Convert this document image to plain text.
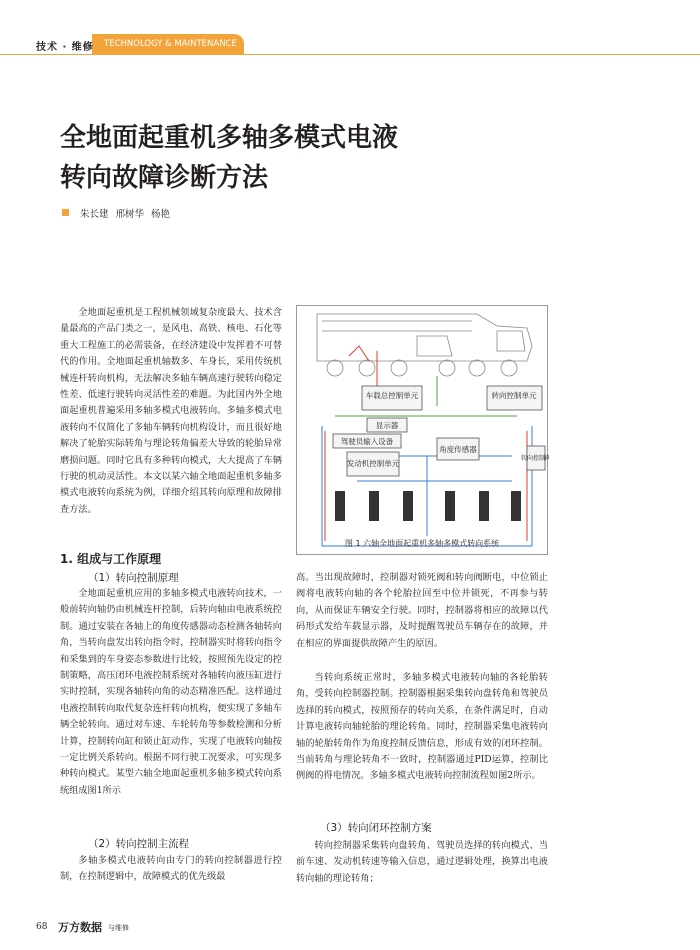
技术 · 维修 TECHNOLOGY & MAINTENANCE
全地面起重机多轴多模式电液
转向故障诊断方法
朱长建 邢树华 杨艳
全地面起重机是工程机械领域复杂度最大、技术含量最高的产品门类之一，是风电、高铁、核电、石化等重大工程施工的必需装备，在经济建设中发挥着不可替代的作用。全地面起重机轴数多、车身长，采用传统机械连杆转向机构，无法解决多轴车辆高速行驶转向稳定性差、低速行驶转向灵活性差的难题。为此国内外全地面起重机普遍采用多轴多模式电液转向。多轴多模式电液转向不仅简化了多轴车辆转向机构设计，而且很好地解决了轮胎实际转角与理论转角偏差大导致的轮胎异常磨损问题。同时它具有多种转向模式，大大提高了车辆行驶的机动灵活性。本文以某六轴全地面起重机多轴多模式电液转向系统为例，详细介绍其转向原理和故障排查方法。
1. 组成与工作原理
（1）转向控制原理
全地面起重机应用的多轴多模式电液转向技术，一般前转向轴仍由机械连杆控制，后转向轴由电液系统控制。通过安装在各轴上的角度传感器动态检测各轴转向角，当转向盘发出转向指令时，控制器实时将转向指令和采集到的车身姿态参数进行比较，按照预先设定的控制策略，高压闭环电液控制系统对各轴转向液压缸进行实时控制，实现各轴转向角的动态精准匹配。这样通过电液控制转向取代复杂连杆转向机构，便实现了多轴车辆全轮转向。通过对车速、车轮转角等参数检测和分析计算，控制转向缸和锁止缸动作，实现了电液转向轴按一定比例关系转向。根据不同行驶工况要求，可实现多种转向模式。某型六轴全地面起重机多轴多模式转向系统组成图1所示
（2）转向控制主流程
多轴多模式电液转向由专门的转向控制器进行控制，在控制逻辑中，故障模式的优先级最
车载总控制单元	转向控制单元
显示器
驾驶员输入设备
发动机控制单元
角度传感器
转向控制阀
图 1 六轴全地面起重机多轴多模式转向系统
高。当出现故障时，控制器对锁死阀和转向阀断电，中位锁止阀将电液转向轴的各个轮胎拉回至中位并锁死，不再参与转向，从而保证车辆安全行驶。同时，控制器将相应的故障以代码形式发给车载显示器，及时提醒驾驶员车辆存在的故障，并在相应的界面提供故障产生的原因。
当转向系统正常时，多轴多模式电液转向轴的各轮胎转角，受转向控制器控制。控制器根据采集转向盘转角和驾驶员选择的转向模式，按照预存的转向关系，在条件满足时，自动计算电液转向轴轮胎的理论转角。同时，控制器采集电液转向轴的轮胎转角作为角度控制反馈信息，形成有效的闭环控制。当前转角与理论转角不一致时，控制器通过PID运算，控制比例阀的得电情况。多轴多模式电液转向控制流程如图2所示。
（3）转向闭环控制方案
转向控制器采集转向盘转角、驾驶员选择的转向模式、当前车速、发动机转速等输入信息，通过逻辑处理，换算出电液转向轴的理论转角；
68 万方数据 与维修
